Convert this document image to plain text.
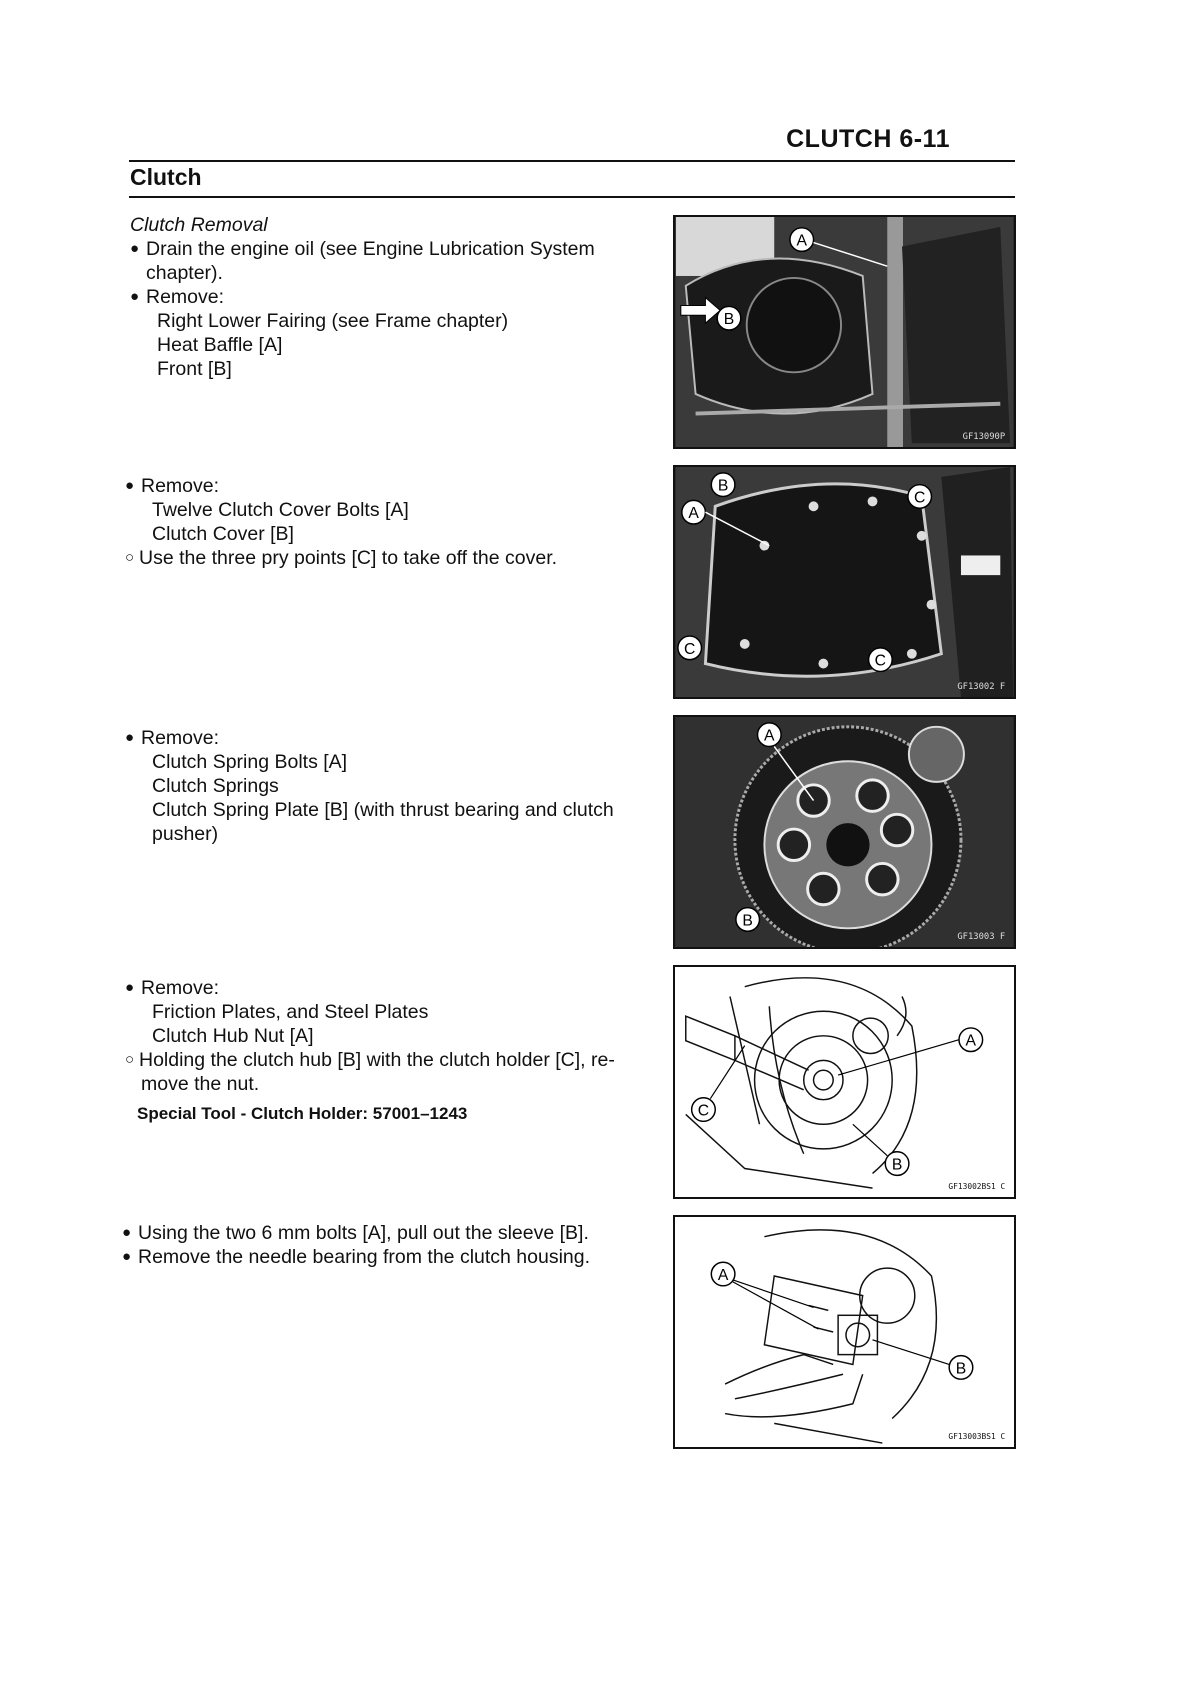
CLUTCH 6-11
Clutch
Clutch Removal
● Drain the engine oil (see Engine Lubrication System
chapter).
● Remove:
Right Lower Fairing (see Frame chapter)
Heat Baffle [A]
Front [B]
● Remove:
Twelve Clutch Cover Bolts [A]
Clutch Cover [B]
○ Use the three pry points [C] to take off the cover.
● Remove:
Clutch Spring Bolts [A]
Clutch Springs
Clutch Spring Plate [B] (with thrust bearing and clutch
pusher)
● Remove:
Friction Plates, and Steel Plates
Clutch Hub Nut [A]
○ Holding the clutch hub [B] with the clutch holder [C], re-
move the nut.
Special Tool - Clutch Holder: 57001–1243
● Using the two 6 mm bolts [A], pull out the sleeve [B].
● Remove the needle bearing from the clutch housing.
A
B
GF13090P
B
A
C
C
C
GF13002 F
A
B
GF13003 F
A
C
B
GF13002BS1 C
A
B
GF13003BS1 C
